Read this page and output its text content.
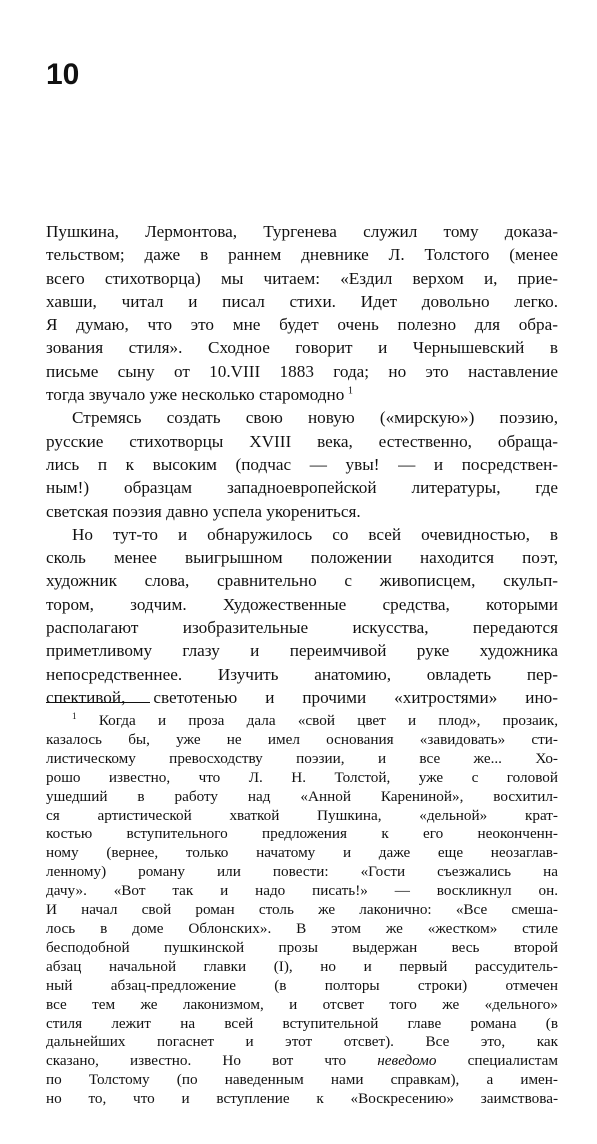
10
Пушкина, Лермонтова, Тургенева служил тому доказа-
тельством; даже в раннем дневнике Л. Толстого (менее
всего стихотворца) мы читаем: «Ездил верхом и, прие-
хавши, читал и писал стихи. Идет довольно легко.
Я думаю, что это мне будет очень полезно для обра-
зования стиля». Сходное говорит и Чернышевский в
письме сыну от 10.VIII 1883 года; но это наставление
тогда звучало уже несколько старомодно  $^1$
Стремясь создать свою новую («мирскую») поэзию,
русские стихотворцы XVIII века, естественно, обраща-
лись п к высоким (подчас — увы! — и посредствен-
ным!) образцам западноевропейской литературы, где
светская поэзия давно успела укорениться.
Но тут-то и обнаружилось со всей очевидностью, в
сколь менее выигрышном положении находится поэт,
художник слова, сравнительно с живописцем, скульп-
тором, зодчим. Художественные средства, которыми
располагают изобразительные искусства, передаются
приметливому глазу и переимчивой руке художника
непосредственнее. Изучить анатомию, овладеть пер-
спективой, светотенью и прочими «хитростями» ино-
$^1$ Когда и проза дала «свой цвет и плод», прозаик,
казалось бы, уже не имел основания «завидовать» сти-
листическому превосходству поэзии, и все же... Хо-
рошо известно, что Л. Н. Толстой, уже с головой
ушедший в работу над «Анной Карениной», восхитил-
ся артистической хваткой Пушкина, «дельной» крат-
костью вступительного предложения к его неоконченн-
ному (вернее, только начатому и даже еще неозаглав-
ленному) роману или повести: «Гости съезжались на
дачу». «Вот так и надо писать!» — воскликнул он.
И начал свой роман столь же лаконично: «Все смеша-
лось в доме Облонских». В этом же «жестком» стиле
бесподобной пушкинской прозы выдержан весь второй
абзац начальной главки (I), но и первый рассудитель-
ный абзац-предложение (в полторы строки) отмечен
все тем же лаконизмом, и отсвет того же «дельного»
стиля лежит на всей вступительной главе романа (в
дальнейших погаснет и этот отсвет). Все это, как
сказано, известно. Но вот что неведомо специалистам
по Толстому (по наведенным нами справкам), а имен-
но то, что и вступление к «Воскресению» заимствова-
